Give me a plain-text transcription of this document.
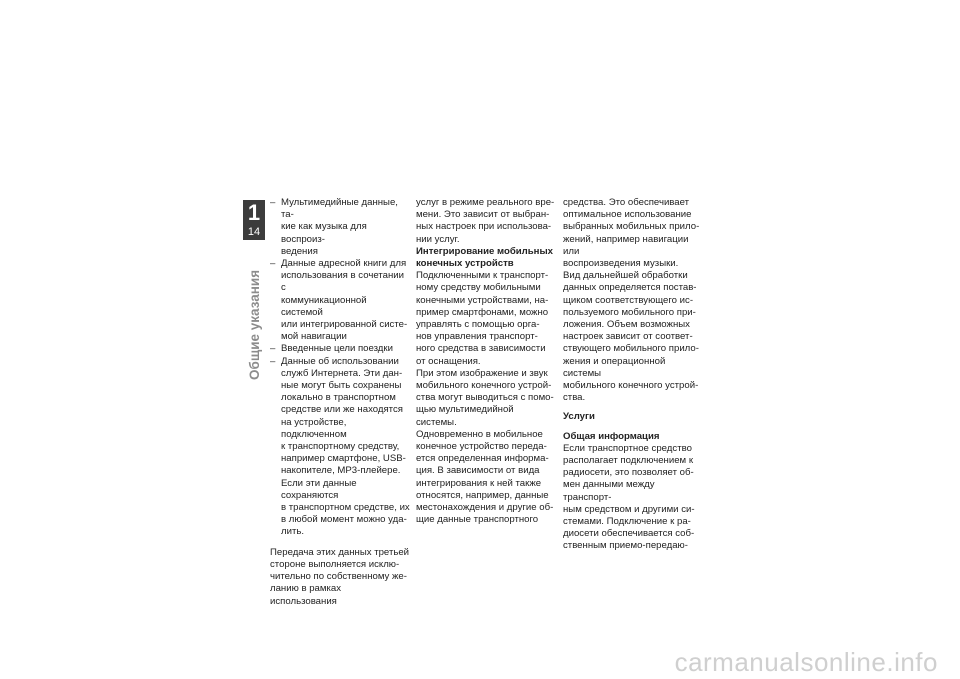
1
14
Общие указания
– Мультимедийные данные, та-
кие как музыка для воспроиз-
ведения
– Данные адресной книги для
использования в сочетании с
коммуникационной системой
или интегрированной систе-
мой навигации
– Введенные цели поездки
– Данные об использовании
служб Интернета. Эти дан-
ные могут быть сохранены
локально в транспортном
средстве или же находятся
на устройстве, подключенном
к транспортному средству,
например смартфоне, USB-
накопителе, MP3-плейере.
Если эти данные сохраняются
в транспортном средстве, их
в любой момент можно уда-
лить.

Передача этих данных третьей
стороне выполняется исклю-
чительно по собственному же-
ланию в рамках использования

услуг в режиме реального вре-
мени. Это зависит от выбран-
ных настроек при использова-
нии услуг.

Интегрирование мобильных
конечных устройств

Подключенными к транспорт-
ному средству мобильными
конечными устройствами, на-
пример смартфонами, можно
управлять с помощью орга-
нов управления транспорт-
ного средства в зависимости
от оснащения.

При этом изображение и звук
мобильного конечного устрой-
ства могут выводиться с помо-
щью мультимедийной системы.
Одновременно в мобильное
конечное устройство переда-
ется определенная информа-
ция. В зависимости от вида
интегрирования к ней также
относятся, например, данные
местонахождения и другие об-
щие данные транспортного

средства. Это обеспечивает
оптимальное использование
выбранных мобильных прило-
жений, например навигации или
воспроизведения музыки.

Вид дальнейшей обработки
данных определяется постав-
щиком соответствующего ис-
пользуемого мобильного при-
ложения. Объем возможных
настроек зависит от соответ-
ствующего мобильного прило-
жения и операционной системы
мобильного конечного устрой-
ства.

Услуги
Общая информация

Если транспортное средство
располагает подключением к
радиосети, это позволяет об-
мен данными между транспорт-
ным средством и другими си-
стемами. Подключение к ра-
диосети обеспечивается соб-
ственным приемо-передаю-

carmanualsonline.info
